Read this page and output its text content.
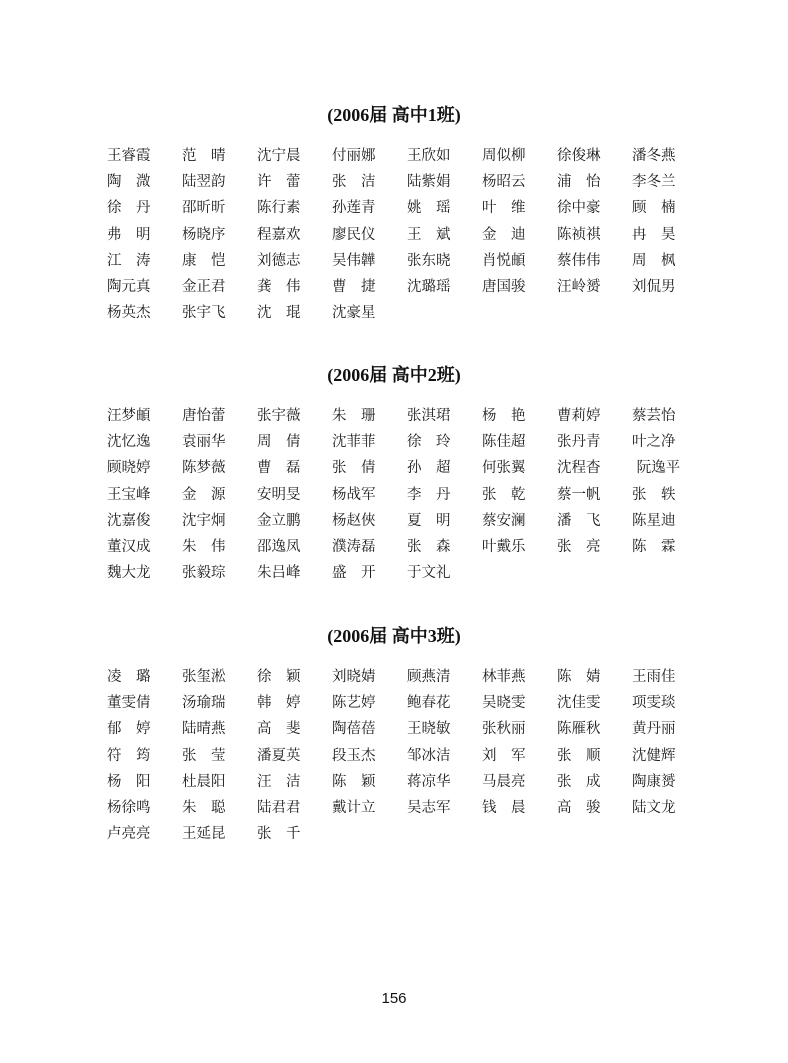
(2006届 高中1班)
王睿霞	范　晴	沈宁晨	付丽娜	王欣如	周似柳	徐俊琳	潘冬燕
陶　溦	陆翌韵	许　蕾	张　洁	陆紫娟	杨昭云	浦　怡	李冬兰
徐　丹	邵昕昕	陈行素	孙莲青	姚　瑶	叶　维	徐中豪	顾　楠
弗　明	杨晓序	程嘉欢	廖民仪	王　斌	金　迪	陈祯祺	冉　昊
江　涛	康　恺	刘德志	吴伟韡	张东晓	肖悦頔	蔡伟伟	周　枫
陶元真	金正君	龚　伟	曹　捷	沈璐瑶	唐国骏	汪岭赟	刘侃男
杨英杰	张宇飞	沈　琨	沈豪星
(2006届 高中2班)
汪梦頔	唐怡蕾	张宇薇	朱　珊	张淇珺	杨　艳	曹莉婷	蔡芸怡
沈忆逸	袁丽华	周　倩	沈菲菲	徐　玲	陈佳超	张丹青	叶之净
顾晓婷	陈梦薇	曹　磊	张　倩	孙　超	何张翼	沈程杳	阮逸平
王宝峰	金　源	安明旻	杨战军	李　丹	张　乾	蔡一帆	张　轶
沈嘉俊	沈宇炯	金立鹏	杨赵俠	夏　明	蔡安澜	潘　飞	陈星迪
董汉成	朱　伟	邵逸凤	濮涛磊	张　森	叶戴乐	张　亮	陈　霖
魏大龙	张毅琮	朱吕峰	盛　开	于文礼
(2006届 高中3班)
凌　璐	张玺淞	徐　颖	刘晓婧	顾燕清	林菲燕	陈　婧	王雨佳
董雯倩	汤瑜瑞	韩　婷	陈艺婷	鲍春花	吴晓雯	沈佳雯	项雯琰
郁　婷	陆晴燕	高　斐	陶蓓蓓	王晓敏	张秋丽	陈雁秋	黄丹丽
符　筠	张　莹	潘夏英	段玉杰	邹冰洁	刘　军	张　顺	沈健辉
杨　阳	杜晨阳	汪　洁	陈　颖	蒋凉华	马晨亮	张　成	陶康赟
杨徐鸣	朱　聪	陆君君	戴计立	吴志军	钱　晨	高　骏	陆文龙
卢亮亮	王延昆	张　千
156
